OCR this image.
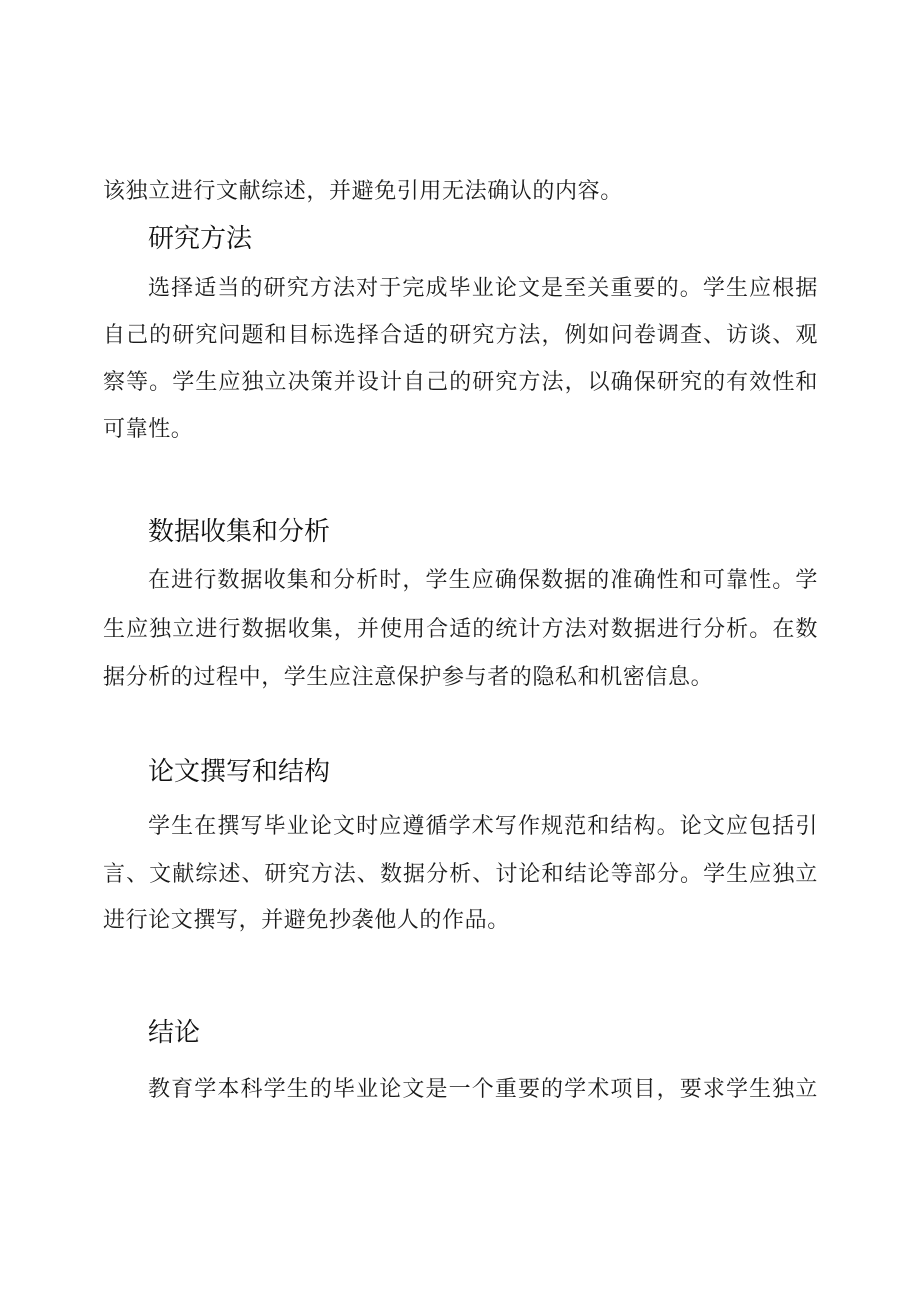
该独立进行文献综述，并避免引用无法确认的内容。
研究方法
选择适当的研究方法对于完成毕业论文是至关重要的。学生应根据
自己的研究问题和目标选择合适的研究方法，例如问卷调查、访谈、观
察等。学生应独立决策并设计自己的研究方法，以确保研究的有效性和
可靠性。
数据收集和分析
在进行数据收集和分析时，学生应确保数据的准确性和可靠性。学
生应独立进行数据收集，并使用合适的统计方法对数据进行分析。在数
据分析的过程中，学生应注意保护参与者的隐私和机密信息。
论文撰写和结构
学生在撰写毕业论文时应遵循学术写作规范和结构。论文应包括引
言、文献综述、研究方法、数据分析、讨论和结论等部分。学生应独立
进行论文撰写，并避免抄袭他人的作品。
结论
教育学本科学生的毕业论文是一个重要的学术项目，要求学生独立
